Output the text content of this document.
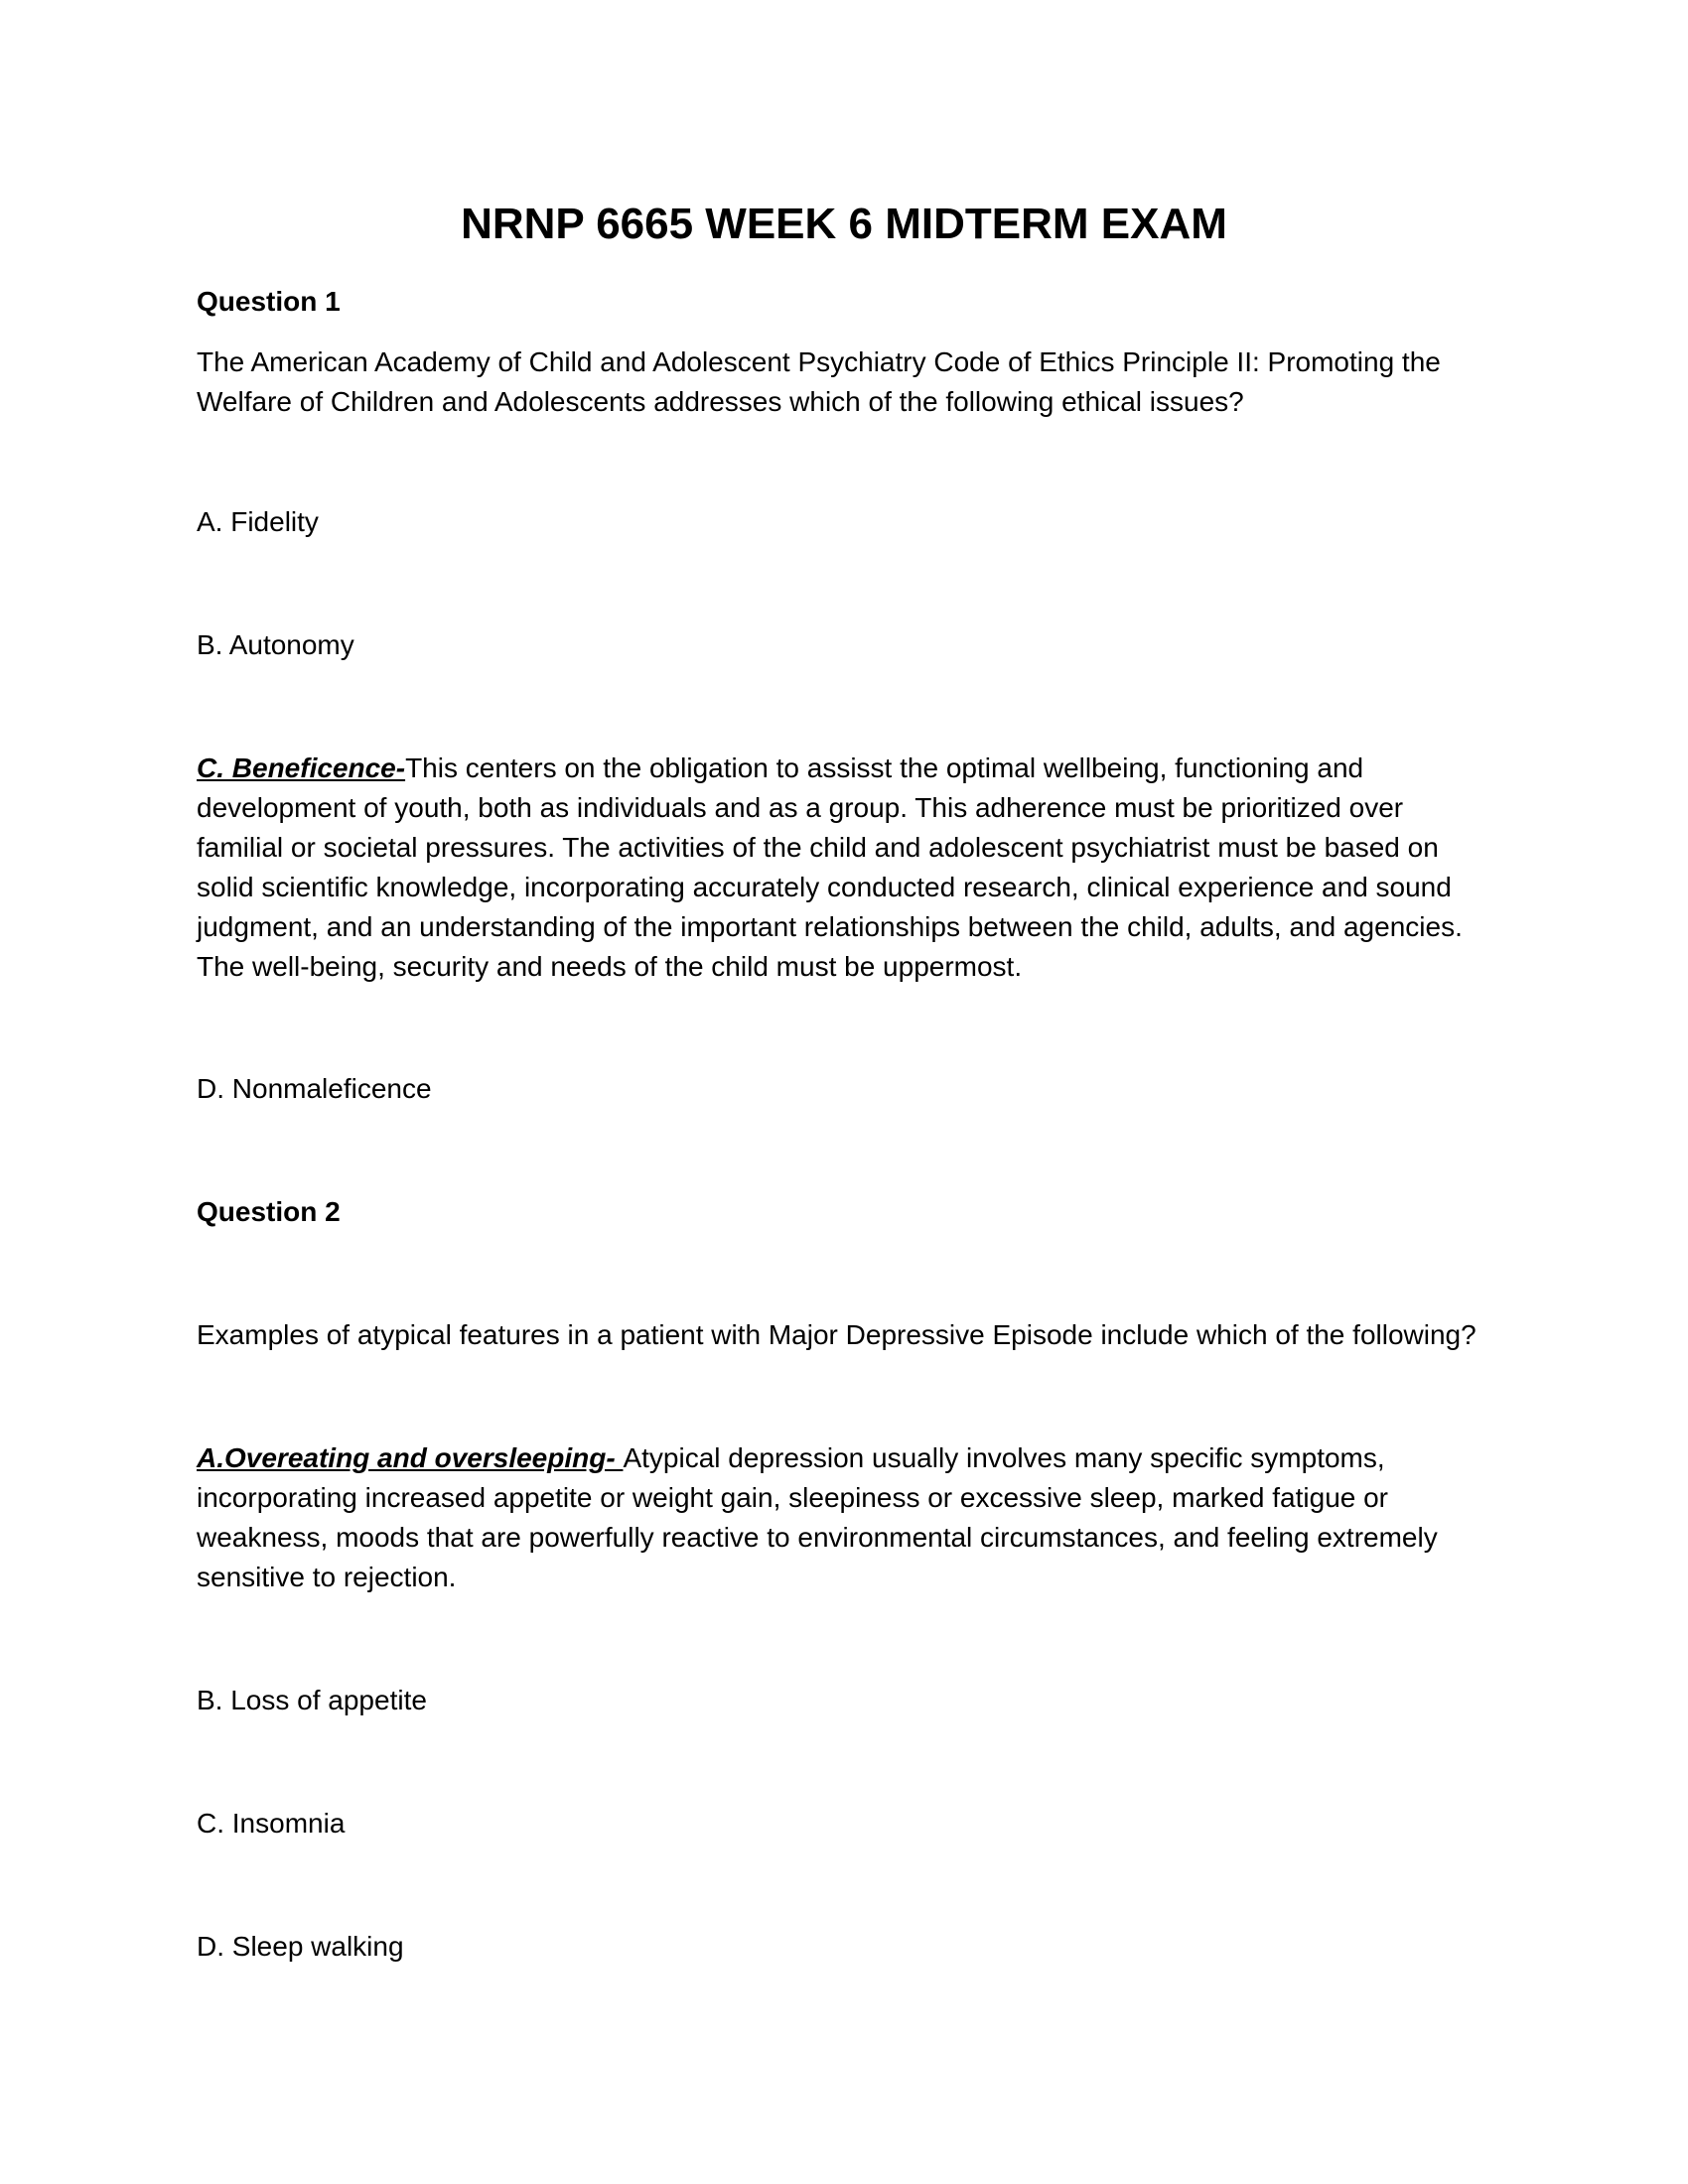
NRNP 6665 WEEK 6 MIDTERM EXAM
Question 1
The American Academy of Child and Adolescent Psychiatry Code of Ethics Principle II: Promoting the Welfare of Children and Adolescents addresses which of the following ethical issues?
A. Fidelity
B. Autonomy
C. Beneficence-This centers on the obligation to assisst the optimal wellbeing, functioning and development of youth, both as individuals and as a group. This adherence must be prioritized over familial or societal pressures. The activities of the child and adolescent psychiatrist must be based on solid scientific knowledge, incorporating accurately conducted research, clinical experience and sound judgment, and an understanding of the important relationships between the child, adults, and agencies. The well-being, security and needs of the child must be uppermost.
D. Nonmaleficence
Question 2
Examples of atypical features in a patient with Major Depressive Episode include which of the following?
A.Overeating and oversleeping- Atypical depression usually involves many specific symptoms, incorporating increased appetite or weight gain, sleepiness or excessive sleep, marked fatigue or weakness, moods that are powerfully reactive to environmental circumstances, and feeling extremely sensitive to rejection.
B. Loss of appetite
C. Insomnia
D. Sleep walking
